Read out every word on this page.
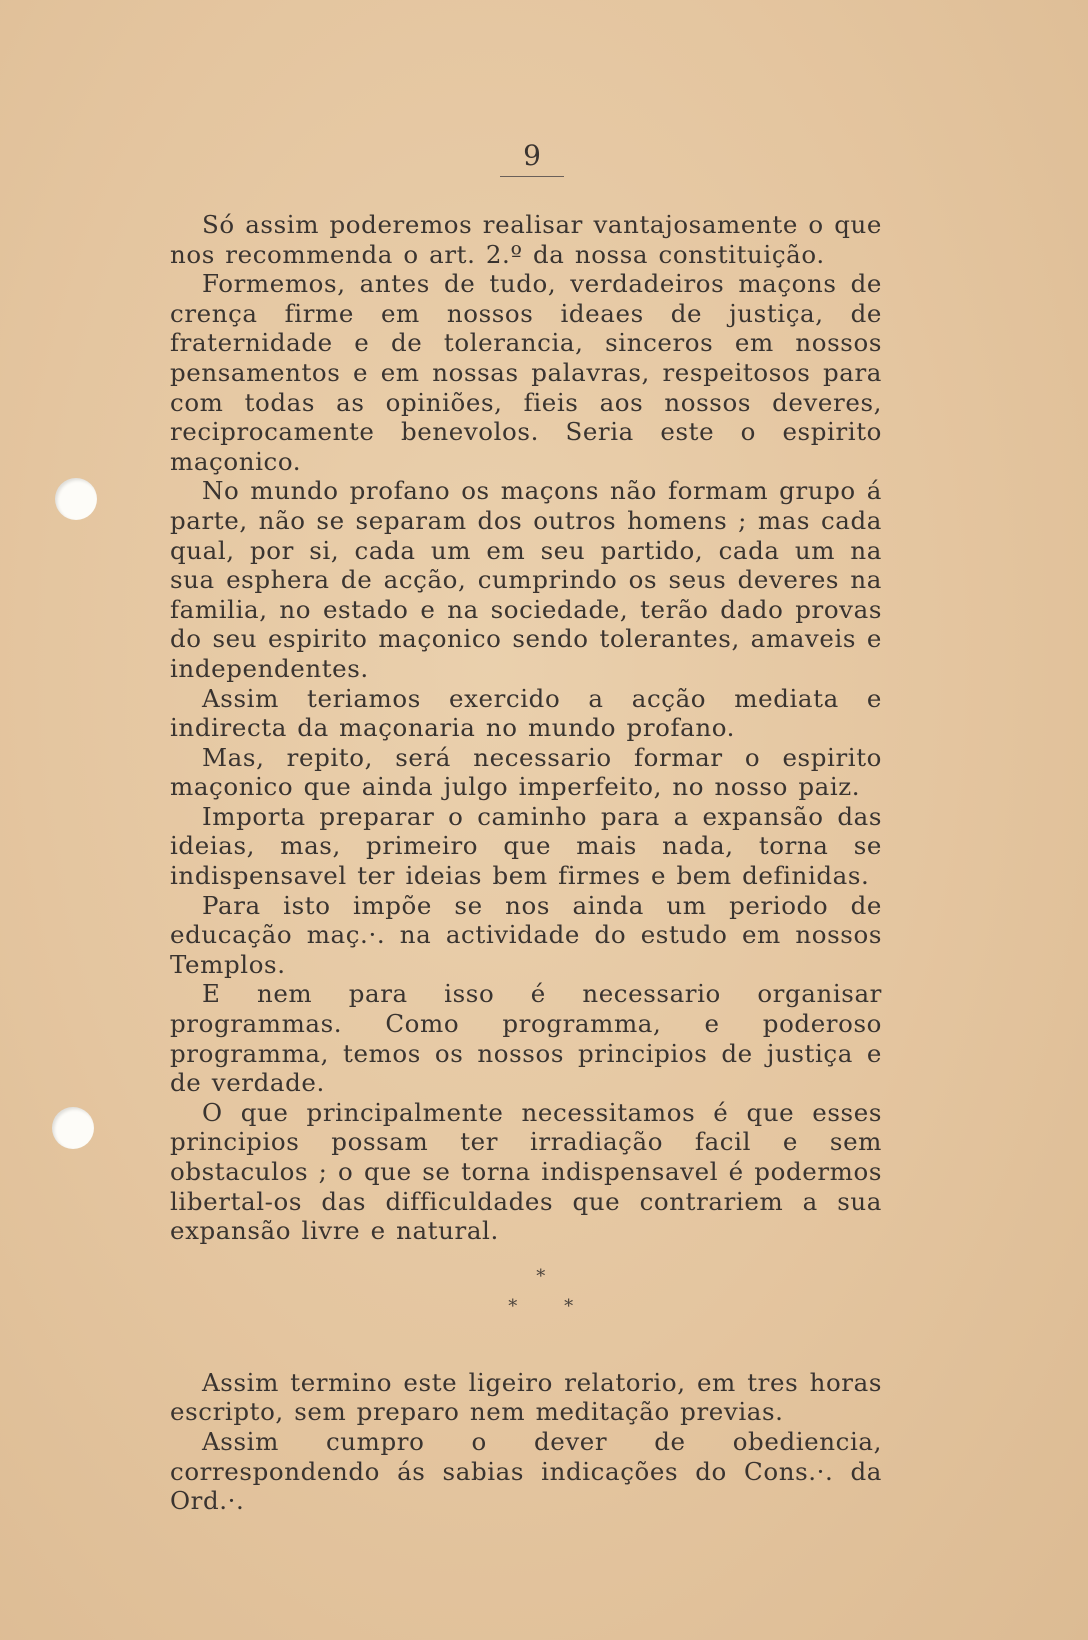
9

Só assim poderemos realisar vantajosamente o que nos recommenda o art. 2.º da nossa constituição.

Formemos, antes de tudo, verdadeiros maçons de crença firme em nossos ideaes de justiça, de fraternidade e de tolerancia, sinceros em nossos pensamentos e em nossas palavras, respeitosos para com todas as opiniões, fieis aos nossos deveres, reciprocamente benevolos. Seria este o espirito maçonico.

No mundo profano os maçons não formam grupo á parte, não se separam dos outros homens ; mas cada qual, por si, cada um em seu partido, cada um na sua esphera de acção, cumprindo os seus deveres na familia, no estado e na sociedade, terão dado provas do seu espirito maçonico sendo tolerantes, amaveis e independentes.

Assim teriamos exercido a acção mediata e indirecta da maçonaria no mundo profano.

Mas, repito, será necessario formar o espirito maçonico que ainda julgo imperfeito, no nosso paiz.

Importa preparar o caminho para a expansão das ideias, mas, primeiro que mais nada, torna se indispensavel ter ideias bem firmes e bem definidas.

Para isto impõe se nos ainda um periodo de educação maç.·. na actividade do estudo em nossos Templos.

E nem para isso é necessario organisar programmas. Como programma, e poderoso programma, temos os nossos principios de justiça e de verdade.

O que principalmente necessitamos é que esses principios possam ter irradiação facil e sem obstaculos ; o que se torna indispensavel é podermos libertal-os das difficuldades que contrariem a sua expansão livre e natural.

*
* *

Assim termino este ligeiro relatorio, em tres horas escripto, sem preparo nem meditação previas.

Assim cumpro o dever de obediencia, correspondendo ás sabias indicações do Cons.·. da Ord.·.
